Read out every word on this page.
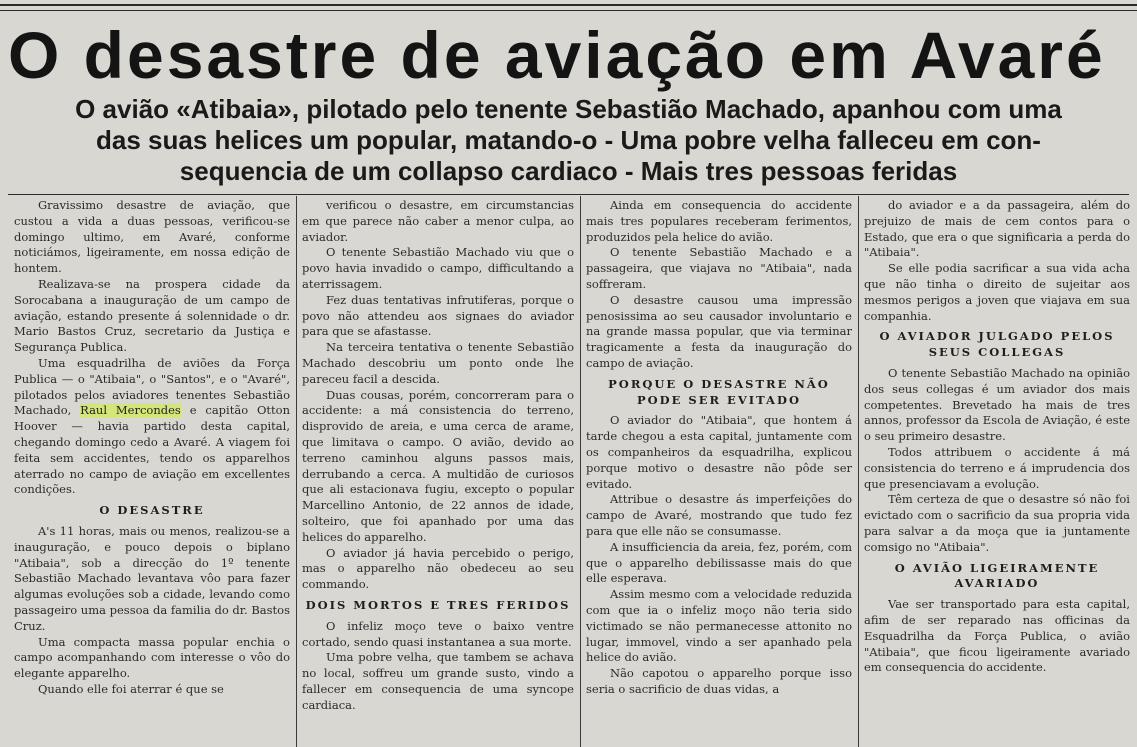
O desastre de aviação em Avaré
O avião «Atibaia», pilotado pelo tenente Sebastião Machado, apanhou com uma
das suas helices um popular, matando-o - Uma pobre velha falleceu em con-
sequencia de um collapso cardiaco - Mais tres pessoas feridas

Gravissimo desastre de aviação, que custou a vida a duas pessoas, verificou-se domingo ultimo, em Avaré, conforme noticiámos, ligeiramente, em nossa edição de hontem.

Realizava-se na prospera cidade da Sorocabana a inauguração de um campo de aviação, estando presente á solennidade o dr. Mario Bastos Cruz, secretario da Justiça e Segurança Publica.

Uma esquadrilha de aviões da Força Publica — o "Atibaia", o "Santos", e o "Avaré", pilotados pelos aviadores tenentes Sebastião Machado, Raul Mercondes e capitão Otton Hoover — havia partido desta capital, chegando domingo cedo a Avaré. A viagem foi feita sem accidentes, tendo os apparelhos aterrado no campo de aviação em excellentes condições.

O DESASTRE

A's 11 horas, mais ou menos, realizou-se a inauguração, e pouco depois o biplano "Atibaia", sob a direcção do 1º tenente Sebastião Machado levantava vôo para fazer algumas evoluções sob a cidade, levando como passageiro uma pessoa da familia do dr. Bastos Cruz.

Uma compacta massa popular enchia o campo acompanhando com interesse o vôo do elegante apparelho.

Quando elle foi aterrar é que se

verificou o desastre, em circumstancias em que parece não caber a menor culpa, ao aviador.

O tenente Sebastião Machado viu que o povo havia invadido o campo, difficultando a aterrissagem.

Fez duas tentativas infrutiferas, porque o povo não attendeu aos signaes do aviador para que se afastasse.

Na terceira tentativa o tenente Sebastião Machado descobriu um ponto onde lhe pareceu facil a descida.

Duas cousas, porém, concorreram para o accidente: a má consistencia do terreno, disprovido de areia, e uma cerca de arame, que limitava o campo. O avião, devido ao terreno caminhou alguns passos mais, derrubando a cerca. A multidão de curiosos que ali estacionava fugiu, excepto o popular Marcellino Antonio, de 22 annos de idade, solteiro, que foi apanhado por uma das helices do apparelho.

O aviador já havia percebido o perigo, mas o apparelho não obedeceu ao seu commando.

DOIS MORTOS E TRES FERIDOS

O infeliz moço teve o baixo ventre cortado, sendo quasi instantanea a sua morte.

Uma pobre velha, que tambem se achava no local, soffreu um grande susto, vindo a fallecer em consequencia de uma syncope cardiaca.

Ainda em consequencia do accidente mais tres populares receberam ferimentos, produzidos pela helice do avião.

O tenente Sebastião Machado e a passageira, que viajava no "Atibaia", nada soffreram.

O desastre causou uma impressão penosissima ao seu causador involuntario e na grande massa popular, que via terminar tragicamente a festa da inauguração do campo de aviação.

PORQUE O DESASTRE NÃO PODE SER EVITADO

O aviador do "Atibaia", que hontem á tarde chegou a esta capital, juntamente com os companheiros da esquadrilha, explicou porque motivo o desastre não pôde ser evitado.

Attribue o desastre ás imperfeições do campo de Avaré, mostrando que tudo fez para que elle não se consumasse.

A insufficiencia da areia, fez, porém, com que o apparelho debilissasse mais do que elle esperava.

Assim mesmo com a velocidade reduzida com que ia o infeliz moço não teria sido victimado se não permanecesse attonito no lugar, immovel, vindo a ser apanhado pela helice do avião.

Não capotou o apparelho porque isso seria o sacrificio de duas vidas, a

do aviador e a da passageira, além do prejuizo de mais de cem contos para o Estado, que era o que significaria a perda do "Atibaia".

Se elle podia sacrificar a sua vida acha que não tinha o direito de sujeitar aos mesmos perigos a joven que viajava em sua companhia.

O AVIADOR JULGADO PELOS SEUS COLLEGAS

O tenente Sebastião Machado na opinião dos seus collegas é um aviador dos mais competentes. Brevetado ha mais de tres annos, professor da Escola de Aviação, é este o seu primeiro desastre.

Todos attribuem o accidente á má consistencia do terreno e á imprudencia dos que presenciavam a evolução.

Têm certeza de que o desastre só não foi evictado com o sacrificio da sua propria vida para salvar a da moça que ia juntamente comsigo no "Atibaia".

O AVIÃO LIGEIRAMENTE AVARIADO

Vae ser transportado para esta capital, afim de ser reparado nas officinas da Esquadrilha da Força Publica, o avião "Atibaia", que ficou ligeiramente avariado em consequencia do accidente.
